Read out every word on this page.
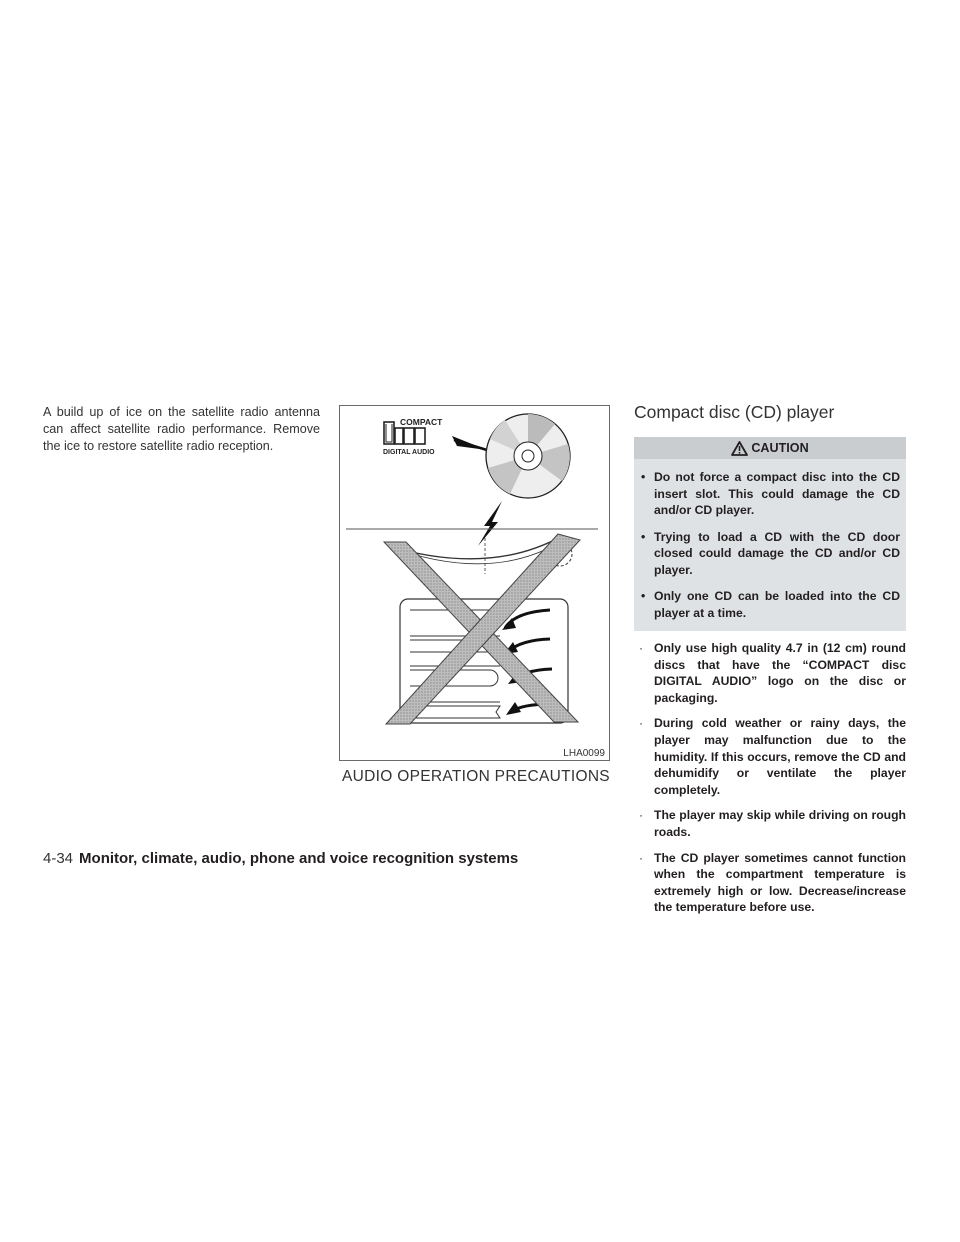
A build up of ice on the satellite radio antenna can affect satellite radio performance. Remove the ice to restore satellite radio reception.
COMPACT
DIGITAL AUDIO
LHA0099
AUDIO OPERATION PRECAUTIONS
Compact disc (CD) player
CAUTION
• Do not force a compact disc into the CD insert slot. This could damage the CD and/or CD player.
• Trying to load a CD with the CD door closed could damage the CD and/or CD player.
• Only one CD can be loaded into the CD player at a time.
· Only use high quality 4.7 in (12 cm) round discs that have the “COMPACT disc DIGITAL AUDIO” logo on the disc or packaging.
· During cold weather or rainy days, the player may malfunction due to the humidity. If this occurs, remove the CD and dehumidify or ventilate the player completely.
· The player may skip while driving on rough roads.
· The CD player sometimes cannot function when the compartment temperature is extremely high or low. Decrease/increase the temperature before use.
4-34 Monitor, climate, audio, phone and voice recognition systems
